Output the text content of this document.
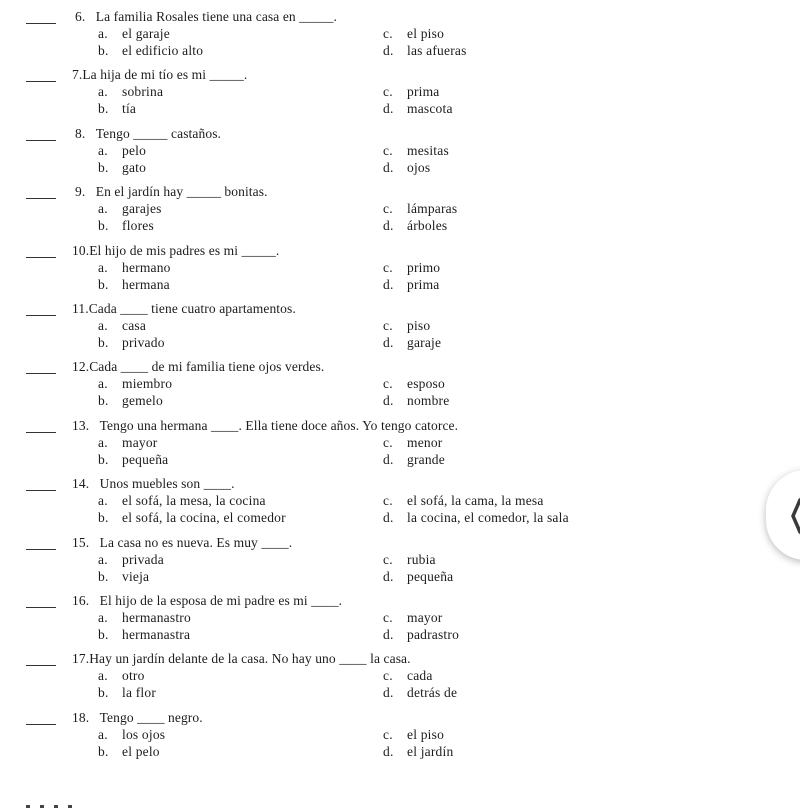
6. La familia Rosales tiene una casa en _____.
a. el garaje
b. el edificio alto
c. el piso
d. las afueras
7.La hija de mi tío es mi _____.
a. sobrina
b. tía
c. prima
d. mascota
8. Tengo _____ castaños.
a. pelo
b. gato
c. mesitas
d. ojos
9. En el jardín hay _____ bonitas.
a. garajes
b. flores
c. lámparas
d. árboles
10.El hijo de mis padres es mi _____.
a. hermano
b. hermana
c. primo
d. prima
11.Cada ____ tiene cuatro apartamentos.
a. casa
b. privado
c. piso
d. garaje
12.Cada ____ de mi familia tiene ojos verdes.
a. miembro
b. gemelo
c. esposo
d. nombre
13. Tengo una hermana ____. Ella tiene doce años. Yo tengo catorce.
a. mayor
b. pequeña
c. menor
d. grande
14. Unos muebles son ____.
a. el sofá, la mesa, la cocina
b. el sofá, la cocina, el comedor
c. el sofá, la cama, la mesa
d. la cocina, el comedor, la sala
15. La casa no es nueva. Es muy ____.
a. privada
b. vieja
c. rubia
d. pequeña
16. El hijo de la esposa de mi padre es mi ____.
a. hermanastro
b. hermanastra
c. mayor
d. padrastro
17.Hay un jardín delante de la casa. No hay uno ____ la casa.
a. otro
b. la flor
c. cada
d. detrás de
18. Tengo ____ negro.
a. los ojos
b. el pelo
c. el piso
d. el jardín
